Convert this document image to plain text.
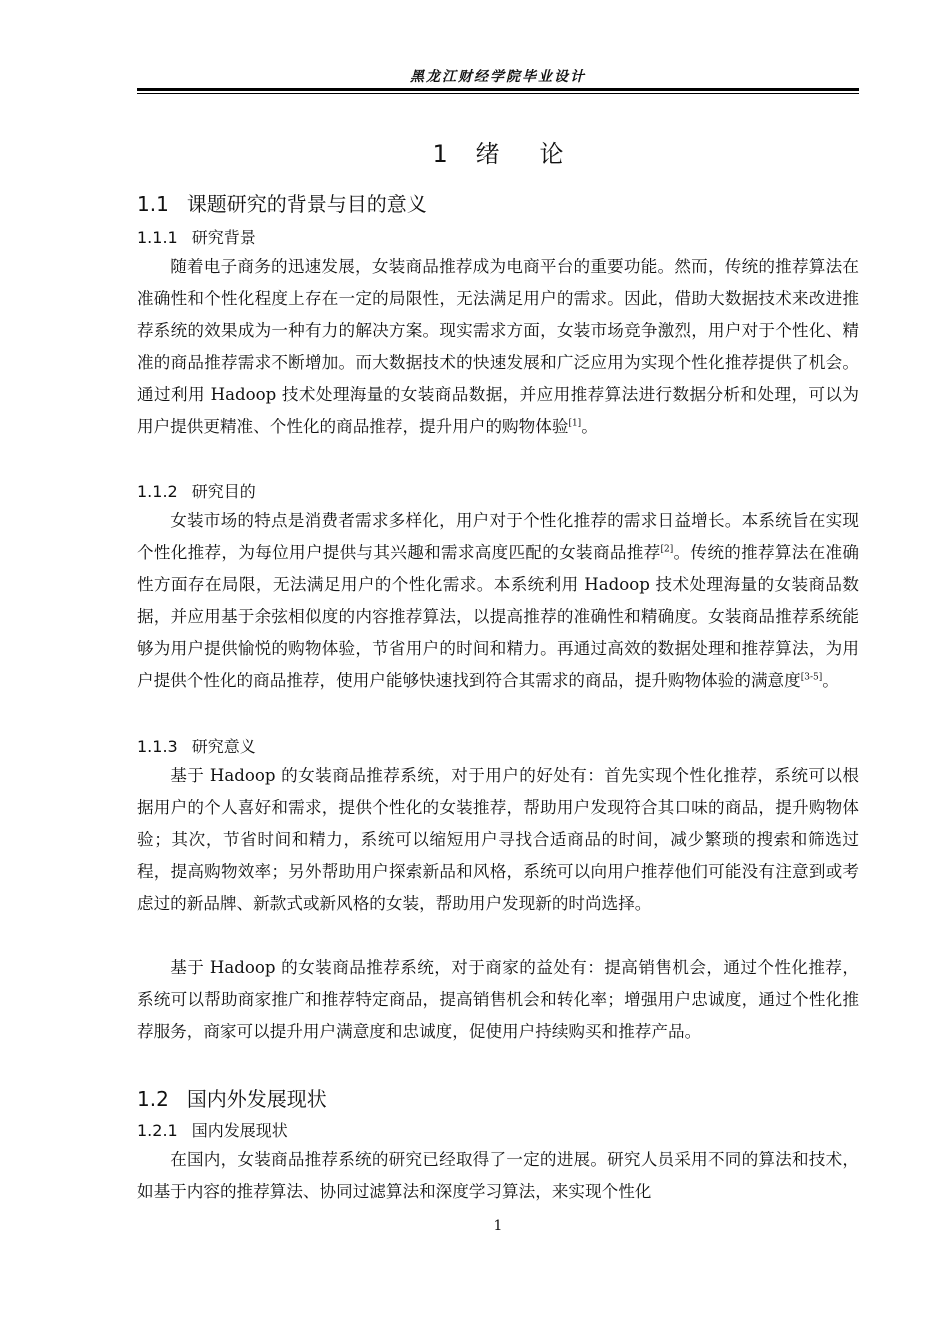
黑龙江财经学院毕业设计
1 绪 论
1.1 课题研究的背景与目的意义
1.1.1 研究背景

随着电子商务的迅速发展，女装商品推荐成为电商平台的重要功能。然而，传统的推荐算法在准确性和个性化程度上存在一定的局限性，无法满足用户的需求。因此，借助大数据技术来改进推荐系统的效果成为一种有力的解决方案。现实需求方面，女装市场竞争激烈，用户对于个性化、精准的商品推荐需求不断增加。而大数据技术的快速发展和广泛应用为实现个性化推荐提供了机会。通过利用 Hadoop 技术处理海量的女装商品数据，并应用推荐算法进行数据分析和处理，可以为用户提供更精准、个性化的商品推荐，提升用户的购物体验[1]。

1.1.2 研究目的

女装市场的特点是消费者需求多样化，用户对于个性化推荐的需求日益增长。本系统旨在实现个性化推荐，为每位用户提供与其兴趣和需求高度匹配的女装商品推荐[2]。传统的推荐算法在准确性方面存在局限，无法满足用户的个性化需求。本系统利用 Hadoop 技术处理海量的女装商品数据，并应用基于余弦相似度的内容推荐算法，以提高推荐的准确性和精确度。女装商品推荐系统能够为用户提供愉悦的购物体验，节省用户的时间和精力。再通过高效的数据处理和推荐算法，为用户提供个性化的商品推荐，使用户能够快速找到符合其需求的商品，提升购物体验的满意度[3-5]。

1.1.3 研究意义

基于 Hadoop 的女装商品推荐系统，对于用户的好处有：首先实现个性化推荐，系统可以根据用户的个人喜好和需求，提供个性化的女装推荐，帮助用户发现符合其口味的商品，提升购物体验；其次，节省时间和精力，系统可以缩短用户寻找合适商品的时间，减少繁琐的搜索和筛选过程，提高购物效率；另外帮助用户探索新品和风格，系统可以向用户推荐他们可能没有注意到或考虑过的新品牌、新款式或新风格的女装，帮助用户发现新的时尚选择。

基于 Hadoop 的女装商品推荐系统，对于商家的益处有：提高销售机会，通过个性化推荐，系统可以帮助商家推广和推荐特定商品，提高销售机会和转化率；增强用户忠诚度，通过个性化推荐服务，商家可以提升用户满意度和忠诚度，促使用户持续购买和推荐产品。

1.2 国内外发展现状
1.2.1 国内发展现状

在国内，女装商品推荐系统的研究已经取得了一定的进展。研究人员采用不同的算法和技术，如基于内容的推荐算法、协同过滤算法和深度学习算法，来实现个性化

1
